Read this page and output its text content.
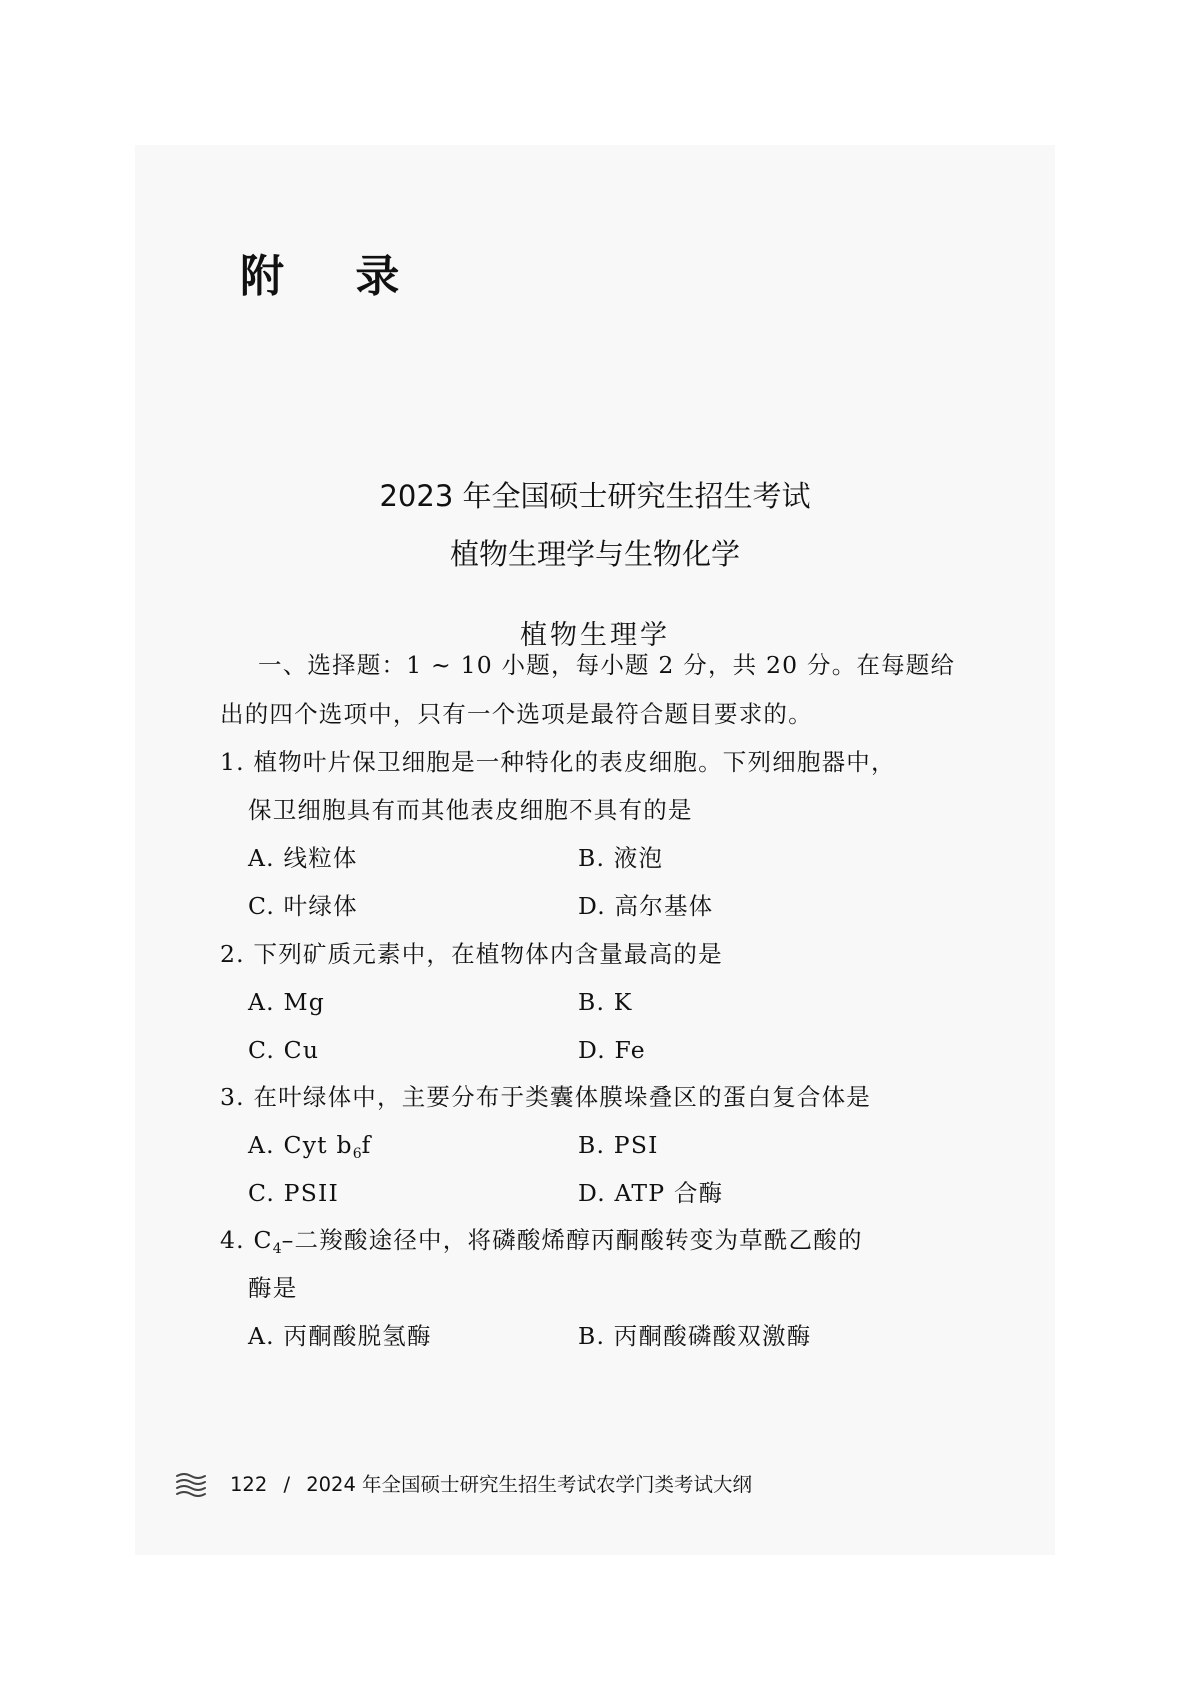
附 录
2023 年全国硕士研究生招生考试
植物生理学与生物化学
植物生理学
一、选择题：1 ~ 10 小题，每小题 2 分，共 20 分。在每题给
出的四个选项中，只有一个选项是最符合题目要求的。
1. 植物叶片保卫细胞是一种特化的表皮细胞。下列细胞器中，
保卫细胞具有而其他表皮细胞不具有的是
A. 线粒体	B. 液泡
C. 叶绿体	D. 高尔基体
2. 下列矿质元素中，在植物体内含量最高的是
A. Mg	B. K
C. Cu	D. Fe
3. 在叶绿体中，主要分布于类囊体膜垛叠区的蛋白复合体是
A. Cyt $b_6f$	B. PSI
C. PSII	D. ATP 合酶
4. $C_4-$二羧酸途径中，将磷酸烯醇丙酮酸转变为草酰乙酸的
酶是
A. 丙酮酸脱氢酶	B. 丙酮酸磷酸双激酶
122 / 2024 年全国硕士研究生招生考试农学门类考试大纲
